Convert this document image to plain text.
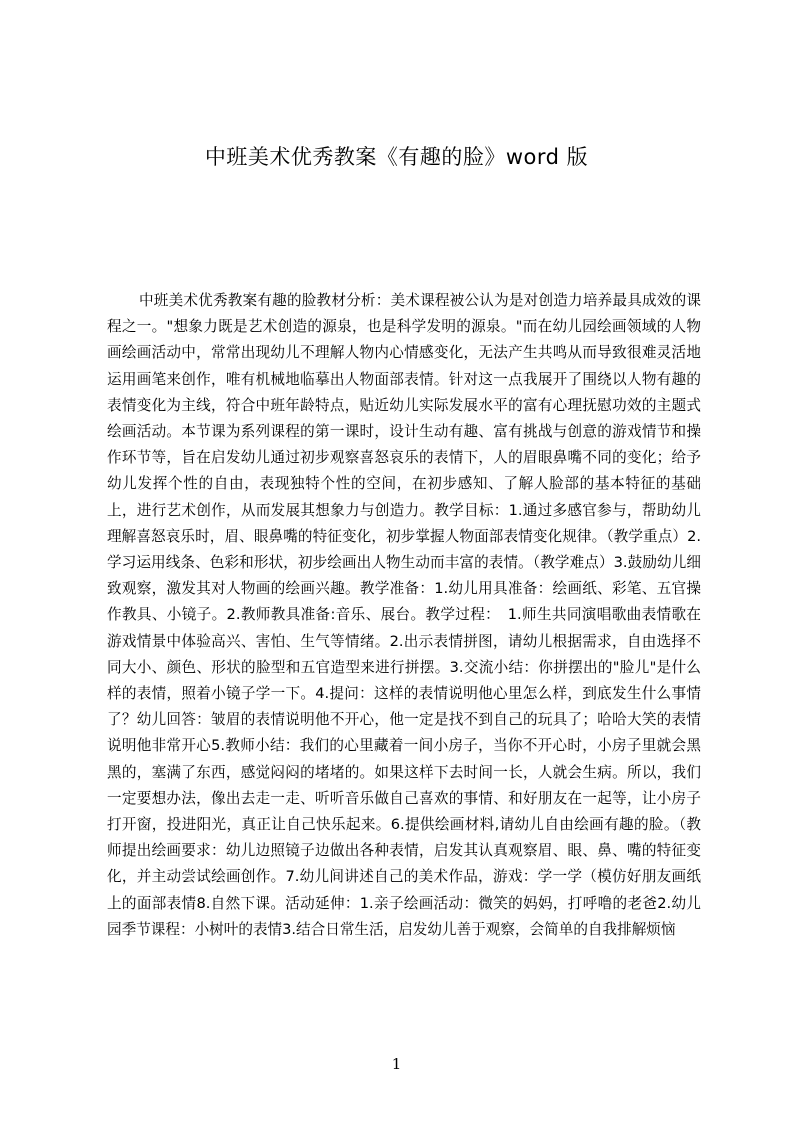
中班美术优秀教案《有趣的脸》word 版

中班美术优秀教案有趣的脸教材分析：美术课程被公认为是对创造力培养最具成效的课程之一。"想象力既是艺术创造的源泉，也是科学发明的源泉。"而在幼儿园绘画领域的人物画绘画活动中，常常出现幼儿不理解人物内心情感变化，无法产生共鸣从而导致很难灵活地运用画笔来创作，唯有机械地临摹出人物面部表情。针对这一点我展开了围绕以人物有趣的表情变化为主线，符合中班年龄特点，贴近幼儿实际发展水平的富有心理抚慰功效的主题式绘画活动。本节课为系列课程的第一课时，设计生动有趣、富有挑战与创意的游戏情节和操作环节等，旨在启发幼儿通过初步观察喜怒哀乐的表情下，人的眉眼鼻嘴不同的变化；给予幼儿发挥个性的自由，表现独特个性的空间，在初步感知、了解人脸部的基本特征的基础上，进行艺术创作，从而发展其想象力与创造力。教学目标：1.通过多感官参与，帮助幼儿理解喜怒哀乐时，眉、眼鼻嘴的特征变化，初步掌握人物面部表情变化规律。（教学重点）2.学习运用线条、色彩和形状，初步绘画出人物生动而丰富的表情。（教学难点）3.鼓励幼儿细致观察，激发其对人物画的绘画兴趣。教学准备：1.幼儿用具准备：绘画纸、彩笔、五官操作教具、小镜子。2.教师教具准备:音乐、展台。教学过程：　1.师生共同演唱歌曲表情歌在游戏情景中体验高兴、害怕、生气等情绪。2.出示表情拼图，请幼儿根据需求，自由选择不同大小、颜色、形状的脸型和五官造型来进行拼摆。3.交流小结：你拼摆出的"脸儿"是什么样的表情，照着小镜子学一下。4.提问：这样的表情说明他心里怎么样，到底发生什么事情了？幼儿回答：皱眉的表情说明他不开心，他一定是找不到自己的玩具了；哈哈大笑的表情说明他非常开心5.教师小结：我们的心里藏着一间小房子，当你不开心时，小房子里就会黑黑的，塞满了东西，感觉闷闷的堵堵的。如果这样下去时间一长，人就会生病。所以，我们一定要想办法，像出去走一走、听听音乐做自己喜欢的事情、和好朋友在一起等，让小房子打开窗，投进阳光，真正让自己快乐起来。6.提供绘画材料,请幼儿自由绘画有趣的脸。（教师提出绘画要求：幼儿边照镜子边做出各种表情，启发其认真观察眉、眼、鼻、嘴的特征变化，并主动尝试绘画创作。7.幼儿间讲述自己的美术作品，游戏：学一学（模仿好朋友画纸上的面部表情8.自然下课。活动延伸：1.亲子绘画活动：微笑的妈妈，打呼噜的老爸2.幼儿园季节课程：小树叶的表情3.结合日常生活，启发幼儿善于观察，会简单的自我排解烦恼

1
